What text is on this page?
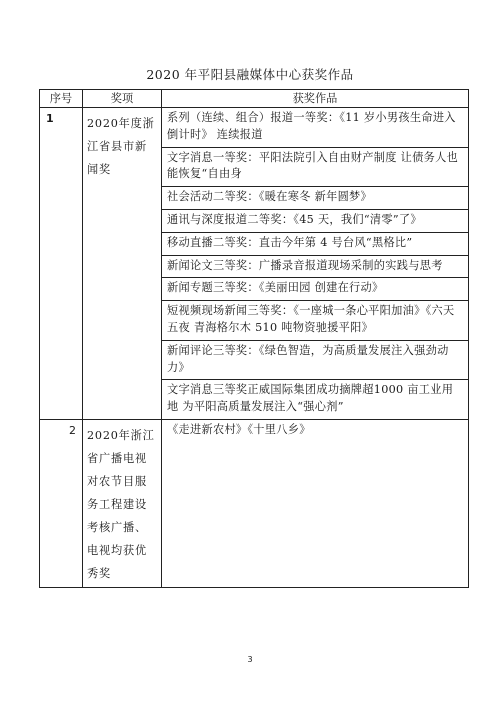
2020 年平阳县融媒体中心获奖作品
序号	奖项	获奖作品
1	2020年度浙江省县市新闻奖	系列（连续、组合）报道一等奖：《11 岁小男孩生命进入倒计时》 连续报道
		文字消息一等奖：平阳法院引入自由财产制度 让债务人也能恢复“自由身
		社会活动二等奖：《暖在寒冬 新年圆梦》
		通讯与深度报道二等奖：《45 天，我们“清零”了》
		移动直播二等奖：直击今年第 4 号台风“黑格比”
		新闻论文三等奖：广播录音报道现场采制的实践与思考
		新闻专题三等奖：《美丽田园 创建在行动》
		短视频现场新闻三等奖：《一座城一条心平阳加油》《六天五夜 青海格尔木 510 吨物资驰援平阳》
		新闻评论三等奖：《绿色智造，为高质量发展注入强劲动力》
		文字消息三等奖正威国际集团成功摘牌超1000 亩工业用地 为平阳高质量发展注入“强心剂”
2	2020年浙江省广播电视对农节目服务工程建设考核广播、电视均获优秀奖	《走进新农村》《十里八乡》
3
